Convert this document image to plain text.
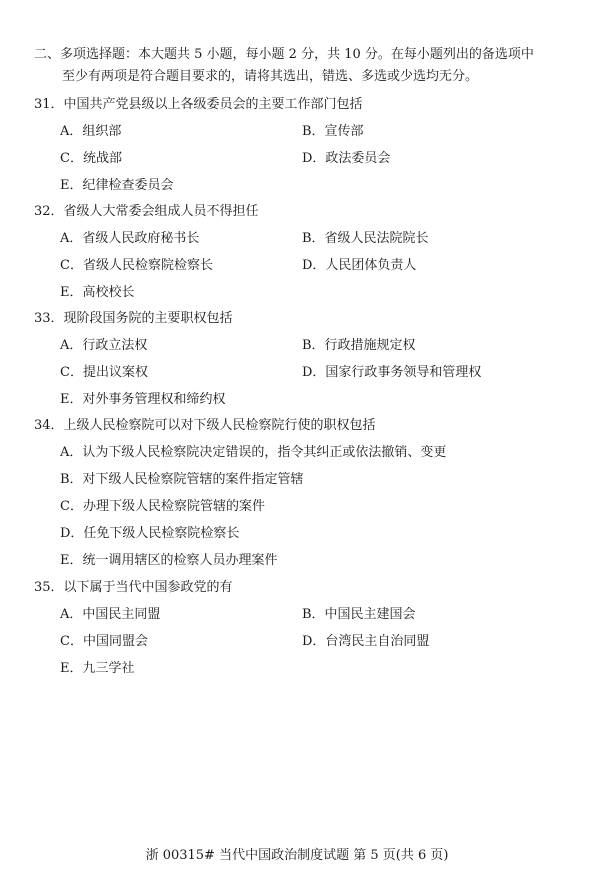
二、多项选择题：本大题共 5 小题，每小题 2 分，共 10 分。在每小题列出的备选项中
至少有两项是符合题目要求的，请将其选出，错选、多选或少选均无分。
31．中国共产党县级以上各级委员会的主要工作部门包括
A．组织部	B．宣传部
C．统战部	D．政法委员会
E．纪律检查委员会
32．省级人大常委会组成人员不得担任
A．省级人民政府秘书长	B．省级人民法院院长
C．省级人民检察院检察长	D．人民团体负责人
E．高校校长
33．现阶段国务院的主要职权包括
A．行政立法权	B．行政措施规定权
C．提出议案权	D．国家行政事务领导和管理权
E．对外事务管理权和缔约权
34．上级人民检察院可以对下级人民检察院行使的职权包括
A．认为下级人民检察院决定错误的，指令其纠正或依法撤销、变更
B．对下级人民检察院管辖的案件指定管辖
C．办理下级人民检察院管辖的案件
D．任免下级人民检察院检察长
E．统一调用辖区的检察人员办理案件
35．以下属于当代中国参政党的有
A．中国民主同盟	B．中国民主建国会
C．中国同盟会	D．台湾民主自治同盟
E．九三学社
浙 00315# 当代中国政治制度试题 第 5 页(共 6 页)
